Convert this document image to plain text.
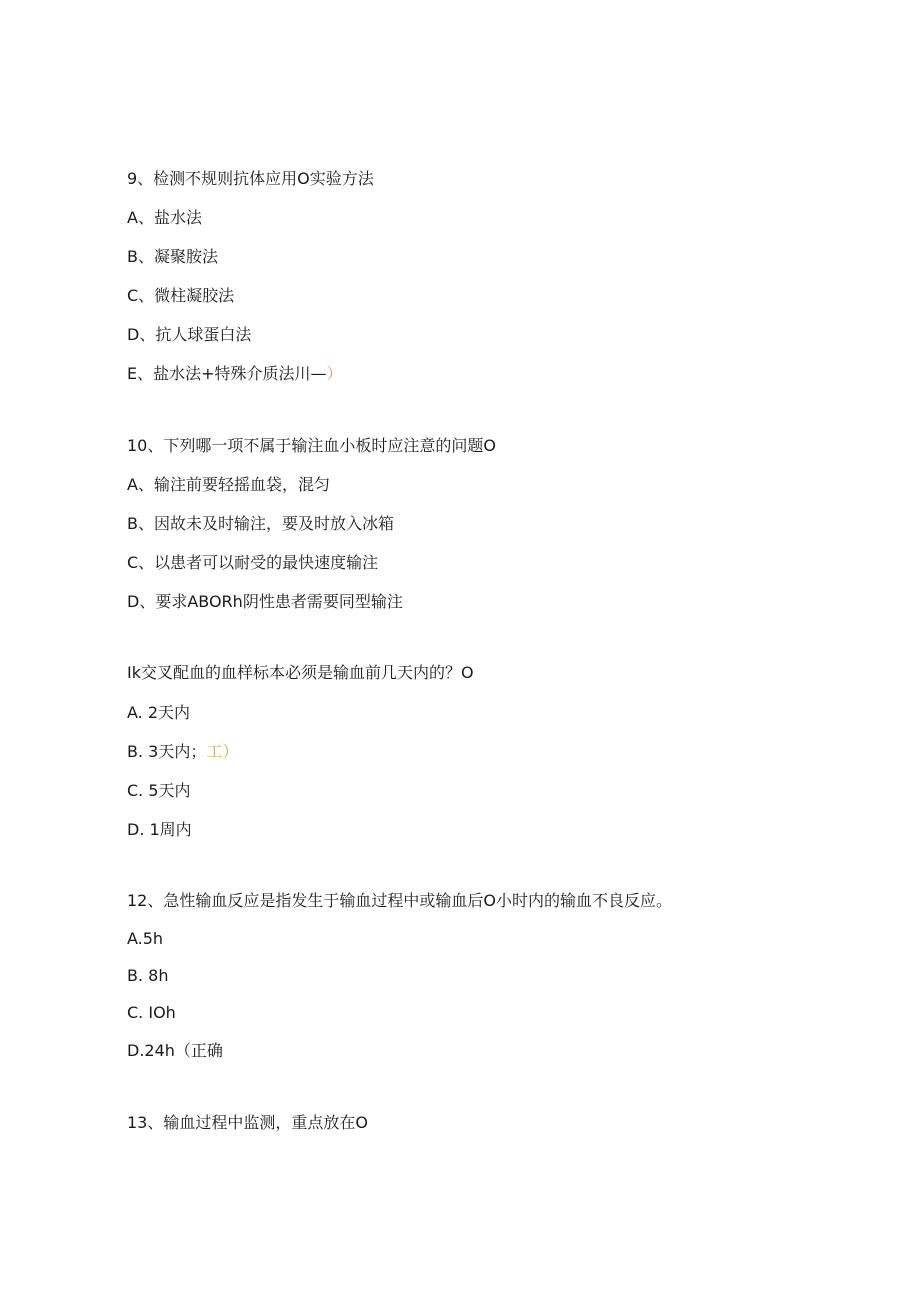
9、检测不规则抗体应用O实验方法
A、盐水法
B、凝聚胺法
C、微柱凝胶法
D、抗人球蛋白法
E、盐水法+特殊介质法川—）
10、下列哪一项不属于输注血小板时应注意的问题O
A、输注前要轻摇血袋，混匀
B、因故未及时输注，要及时放入冰箱
C、以患者可以耐受的最快速度输注
D、要求ABORh阴性患者需要同型输注
Ik交叉配血的血样标本必须是输血前几天内的？O
A. 2天内
B. 3天内；工）
C. 5天内
D. 1周内
12、急性输血反应是指发生于输血过程中或输血后O小时内的输血不良反应。
A.5h
B. 8h
C. IOh
D.24h（正确
13、输血过程中监测，重点放在O
